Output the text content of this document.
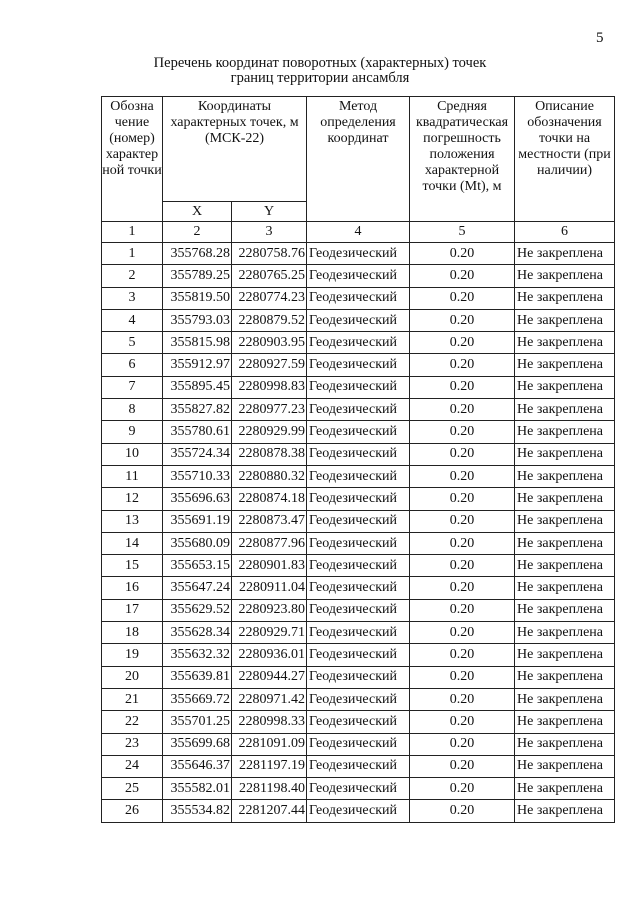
5
Перечень координат поворотных (характерных) точек
границ территории ансамбля
Обозна чение (номер) характер ной точки	Координаты характерных точек, м (МСК-22)		Метод определения координат	Средняя квадратическая погрешность положения характерной точки (Mt), м	Описание обозначения точки на местности (при наличии)
	X	Y			
1	2	3	4	5	6
1	355768.28	2280758.76	Геодезический	0.20	Не закреплена
2	355789.25	2280765.25	Геодезический	0.20	Не закреплена
3	355819.50	2280774.23	Геодезический	0.20	Не закреплена
4	355793.03	2280879.52	Геодезический	0.20	Не закреплена
5	355815.98	2280903.95	Геодезический	0.20	Не закреплена
6	355912.97	2280927.59	Геодезический	0.20	Не закреплена
7	355895.45	2280998.83	Геодезический	0.20	Не закреплена
8	355827.82	2280977.23	Геодезический	0.20	Не закреплена
9	355780.61	2280929.99	Геодезический	0.20	Не закреплена
10	355724.34	2280878.38	Геодезический	0.20	Не закреплена
11	355710.33	2280880.32	Геодезический	0.20	Не закреплена
12	355696.63	2280874.18	Геодезический	0.20	Не закреплена
13	355691.19	2280873.47	Геодезический	0.20	Не закреплена
14	355680.09	2280877.96	Геодезический	0.20	Не закреплена
15	355653.15	2280901.83	Геодезический	0.20	Не закреплена
16	355647.24	2280911.04	Геодезический	0.20	Не закреплена
17	355629.52	2280923.80	Геодезический	0.20	Не закреплена
18	355628.34	2280929.71	Геодезический	0.20	Не закреплена
19	355632.32	2280936.01	Геодезический	0.20	Не закреплена
20	355639.81	2280944.27	Геодезический	0.20	Не закреплена
21	355669.72	2280971.42	Геодезический	0.20	Не закреплена
22	355701.25	2280998.33	Геодезический	0.20	Не закреплена
23	355699.68	2281091.09	Геодезический	0.20	Не закреплена
24	355646.37	2281197.19	Геодезический	0.20	Не закреплена
25	355582.01	2281198.40	Геодезический	0.20	Не закреплена
26	355534.82	2281207.44	Геодезический	0.20	Не закреплена
